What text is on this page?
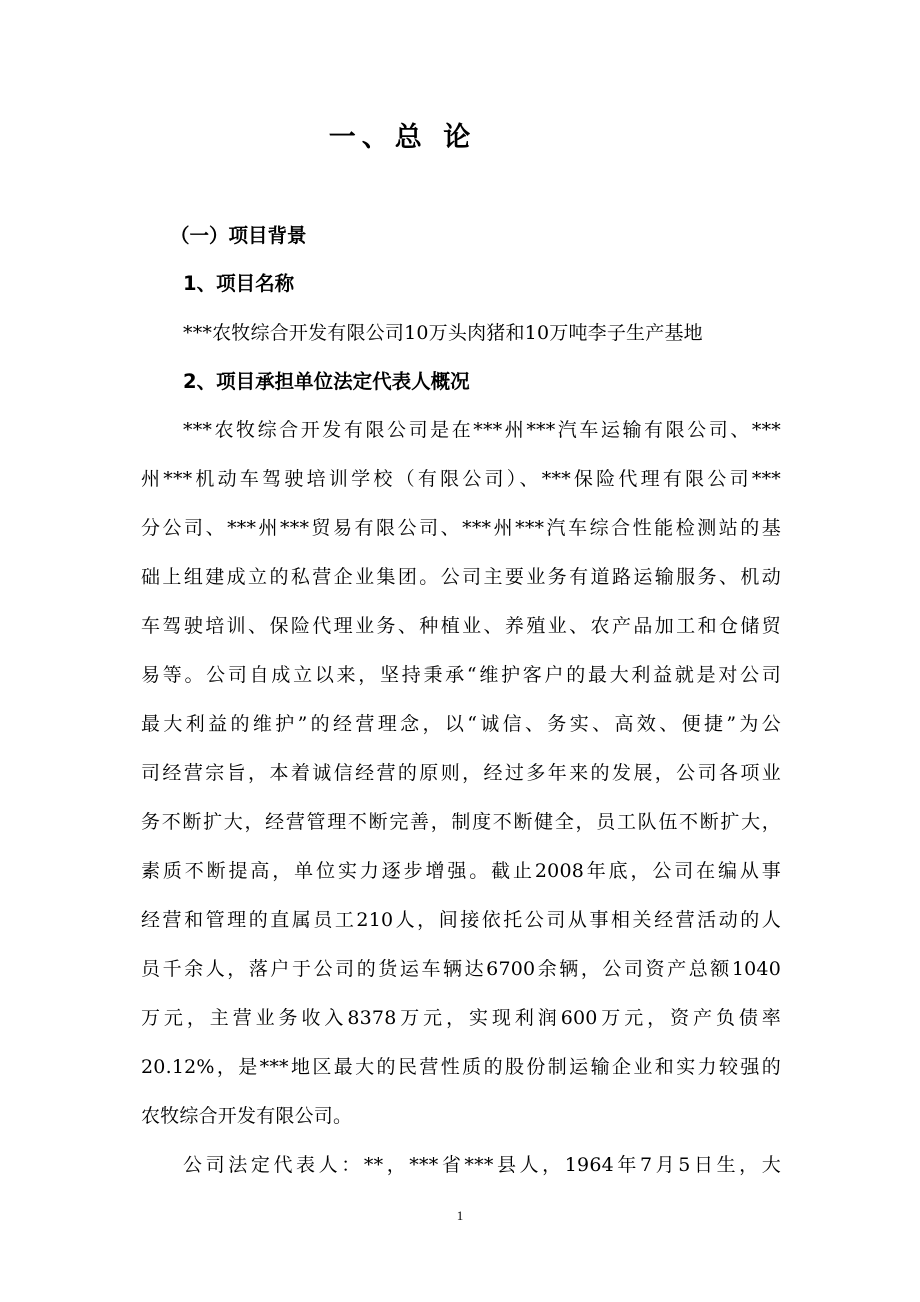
一、总 论
（一）项目背景
1、项目名称
***农牧综合开发有限公司10万头肉猪和10万吨李子生产基地
2、项目承担单位法定代表人概况
***农牧综合开发有限公司是在***州***汽车运输有限公司、***
州***机动车驾驶培训学校（有限公司）、***保险代理有限公司***
分公司、***州***贸易有限公司、***州***汽车综合性能检测站的基
础上组建成立的私营企业集团。公司主要业务有道路运输服务、机动
车驾驶培训、保险代理业务、种植业、养殖业、农产品加工和仓储贸
易等。公司自成立以来，坚持秉承“维护客户的最大利益就是对公司
最大利益的维护”的经营理念，以“诚信、务实、高效、便捷”为公
司经营宗旨，本着诚信经营的原则，经过多年来的发展，公司各项业
务不断扩大，经营管理不断完善，制度不断健全，员工队伍不断扩大，
素质不断提高，单位实力逐步增强。截止2008年底，公司在编从事
经营和管理的直属员工210人，间接依托公司从事相关经营活动的人
员千余人，落户于公司的货运车辆达6700余辆，公司资产总额1040
万元，主营业务收入8378万元，实现利润600万元，资产负债率
20.12%，是***地区最大的民营性质的股份制运输企业和实力较强的
农牧综合开发有限公司。
公司法定代表人：**，***省***县人，1964年7月5日生，大
1
